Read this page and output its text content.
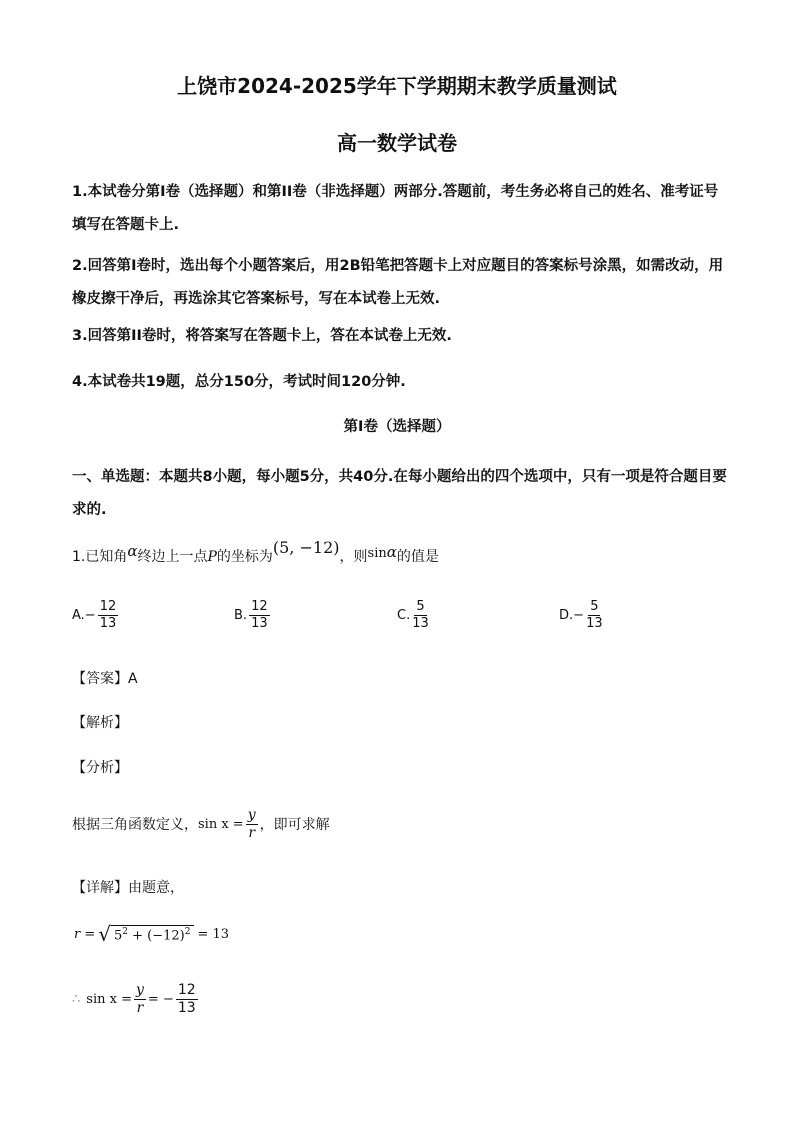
上饶市2024-2025学年下学期期末教学质量测试
高一数学试卷
1.本试卷分第I卷（选择题）和第II卷（非选择题）两部分.答题前，考生务必将自己的姓名、准考证号填写在答题卡上.
2.回答第I卷时，选出每个小题答案后，用2B铅笔把答题卡上对应题目的答案标号涂黑，如需改动，用橡皮擦干净后，再选涂其它答案标号，写在本试卷上无效.
3.回答第II卷时，将答案写在答题卡上，答在本试卷上无效.
4.本试卷共19题，总分150分，考试时间120分钟.
第I卷（选择题）
一、单选题：本题共8小题，每小题5分，共40分.在每小题给出的四个选项中，只有一项是符合题目要求的.
1.已知角α终边上一点P的坐标为(5, −12)，则sinα的值是
A. − $\frac{12}{13}$	B. $\frac{12}{13}$	C. $\frac{5}{13}$	D. − $\frac{5}{13}$
【答案】A
【解析】
【分析】
根据三角函数定义， $\sin x = \frac{y}{r}$ ，即可求解
【详解】由题意，
r = √ $5^2 + (-12)^2 = 13$
∴ $\sin x = \frac{y}{r}$ = − $\frac{12}{13}$
